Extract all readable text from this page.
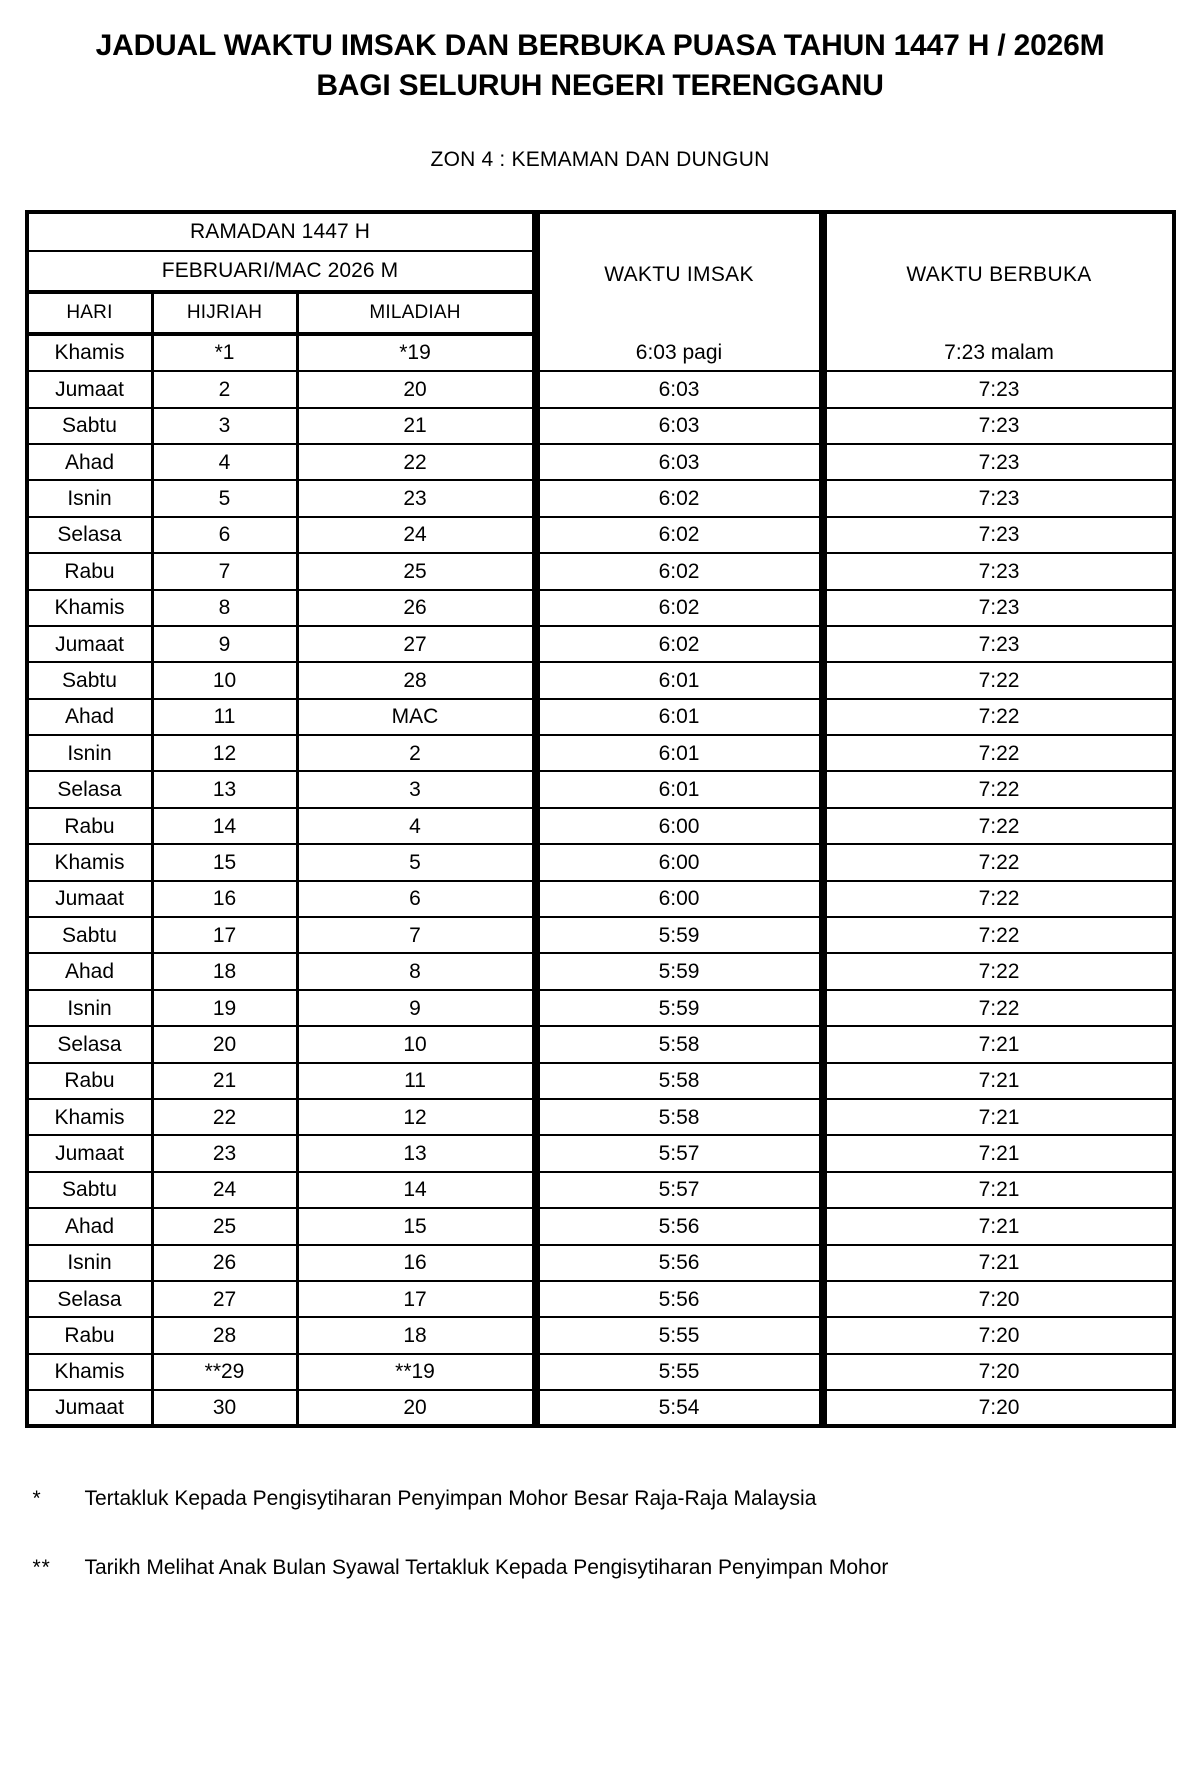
JADUAL WAKTU IMSAK DAN BERBUKA PUASA TAHUN 1447 H / 2026M
BAGI SELURUH NEGERI TERENGGANU
ZON 4 : KEMAMAN DAN DUNGUN
RAMADAN 1447 H			WAKTU IMSAK	WAKTU BERBUKA
FEBRUARI/MAC 2026 M				
HARI	HIJRIAH	MILADIAH		
Khamis	*1	*19	6:03 pagi	7:23 malam
Jumaat	2	20	6:03	7:23
Sabtu	3	21	6:03	7:23
Ahad	4	22	6:03	7:23
Isnin	5	23	6:02	7:23
Selasa	6	24	6:02	7:23
Rabu	7	25	6:02	7:23
Khamis	8	26	6:02	7:23
Jumaat	9	27	6:02	7:23
Sabtu	10	28	6:01	7:22
Ahad	11	MAC	6:01	7:22
Isnin	12	2	6:01	7:22
Selasa	13	3	6:01	7:22
Rabu	14	4	6:00	7:22
Khamis	15	5	6:00	7:22
Jumaat	16	6	6:00	7:22
Sabtu	17	7	5:59	7:22
Ahad	18	8	5:59	7:22
Isnin	19	9	5:59	7:22
Selasa	20	10	5:58	7:21
Rabu	21	11	5:58	7:21
Khamis	22	12	5:58	7:21
Jumaat	23	13	5:57	7:21
Sabtu	24	14	5:57	7:21
Ahad	25	15	5:56	7:21
Isnin	26	16	5:56	7:21
Selasa	27	17	5:56	7:20
Rabu	28	18	5:55	7:20
Khamis	**29	**19	5:55	7:20
Jumaat	30	20	5:54	7:20
*	Tertakluk Kepada Pengisytiharan Penyimpan Mohor Besar Raja-Raja Malaysia
**	Tarikh Melihat Anak Bulan Syawal Tertakluk Kepada Pengisytiharan Penyimpan Mohor
